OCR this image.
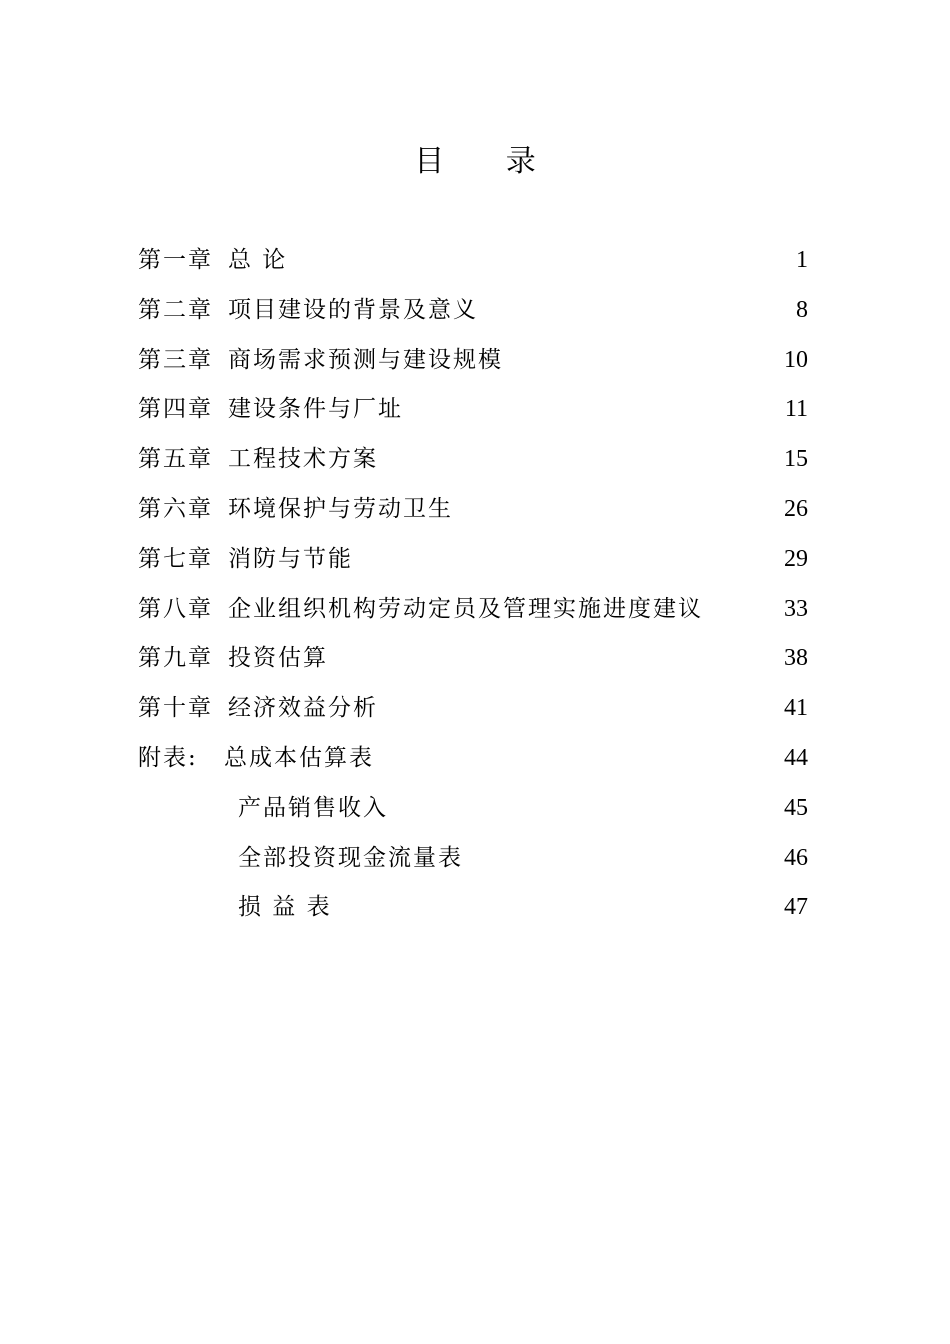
目 录
第一章 总 论	1
第二章 项目建设的背景及意义	8
第三章 商场需求预测与建设规模	10
第四章 建设条件与厂址	11
第五章 工程技术方案	15
第六章 环境保护与劳动卫生	26
第七章 消防与节能	29
第八章 企业组织机构劳动定员及管理实施进度建议	33
第九章 投资估算	38
第十章 经济效益分析	41
附表: 总成本估算表	44
产品销售收入	45
全部投资现金流量表	46
损 益 表	47
